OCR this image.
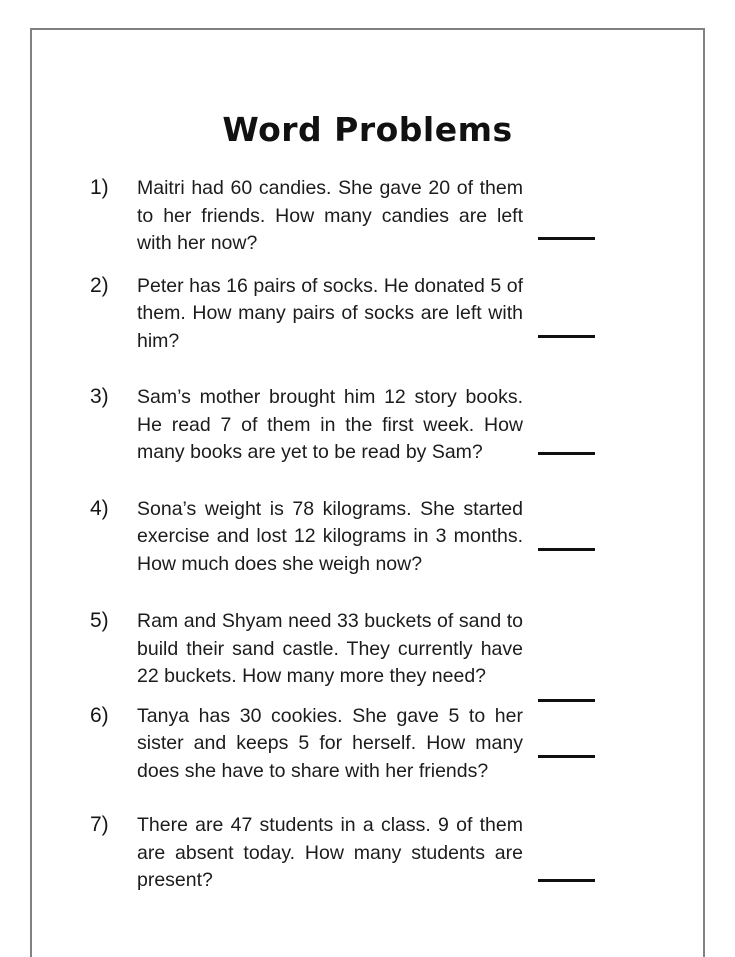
Word Problems
1)	Maitri had 60 candies. She gave 20 of them to her friends. How many candies are left with her now?
2)	Peter has 16 pairs of socks. He donated 5 of them. How many pairs of socks are left with him?
3)	Sam’s mother brought him 12 story books. He read 7 of them in the first week. How many books are yet to be read by Sam?
4)	Sona’s weight is 78 kilograms. She started exercise and lost 12 kilograms in 3 months. How much does she weigh now?
5)	Ram and Shyam need 33 buckets of sand to build their sand castle. They currently have 22 buckets. How many more they need?
6)	Tanya has 30 cookies. She gave 5 to her sister and keeps 5 for herself. How many does she have to share with her friends?
7)	There are 47 students in a class. 9 of them are absent today. How many students are present?
